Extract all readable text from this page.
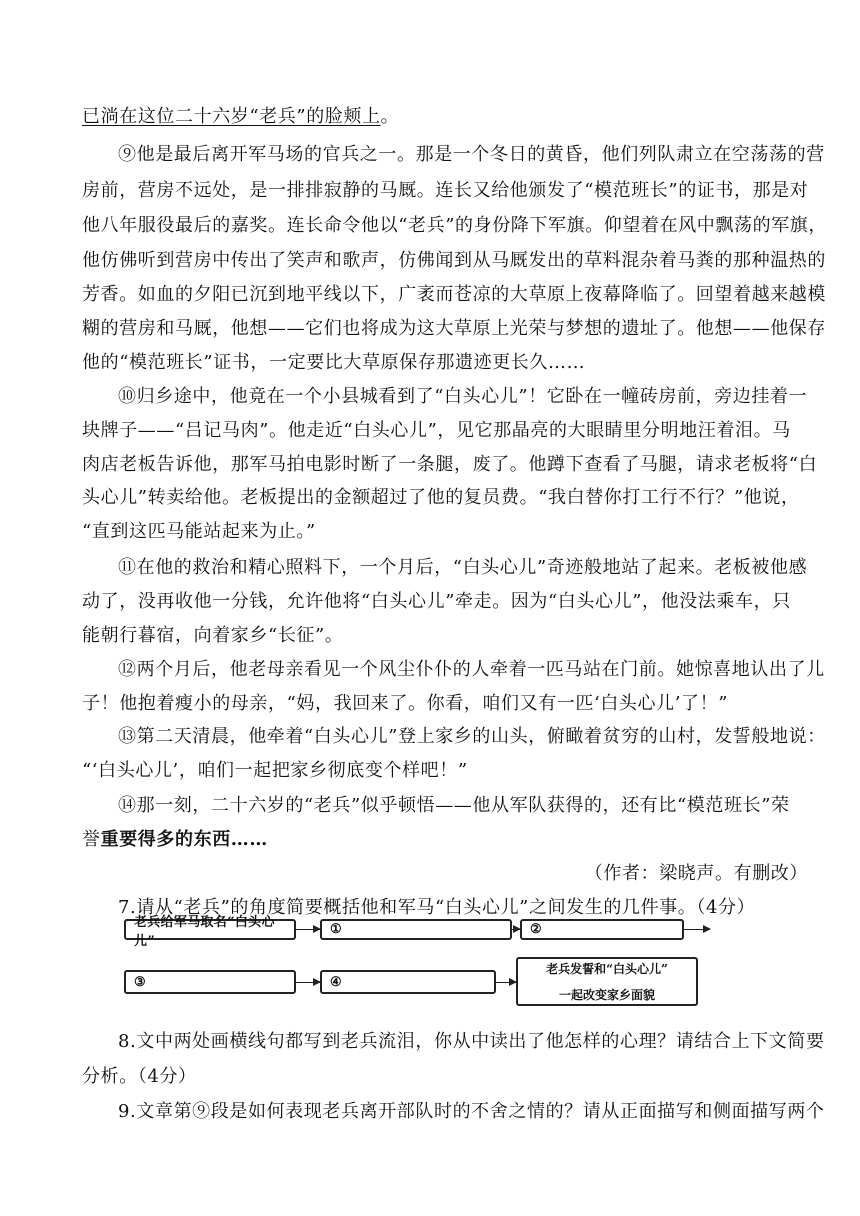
已淌在这位二十六岁“老兵”的脸颊上。
⑨他是最后离开军马场的官兵之一。那是一个冬日的黄昏，他们列队肃立在空荡荡的营
房前，营房不远处，是一排排寂静的马厩。连长又给他颁发了“模范班长”的证书，那是对
他八年服役最后的嘉奖。连长命令他以“老兵”的身份降下军旗。仰望着在风中飘荡的军旗，
他仿佛听到营房中传出了笑声和歌声，仿佛闻到从马厩发出的草料混杂着马粪的那种温热的
芳香。如血的夕阳已沉到地平线以下，广袤而苍凉的大草原上夜幕降临了。回望着越来越模
糊的营房和马厩，他想——它们也将成为这大草原上光荣与梦想的遗址了。他想——他保存
他的“模范班长”证书，一定要比大草原保存那遗迹更长久……
⑩归乡途中，他竟在一个小县城看到了“白头心儿”！它卧在一幢砖房前，旁边挂着一
块牌子——“吕记马肉”。他走近“白头心儿”，见它那晶亮的大眼睛里分明地汪着泪。马
肉店老板告诉他，那军马拍电影时断了一条腿，废了。他蹲下查看了马腿，请求老板将“白
头心儿”转卖给他。老板提出的金额超过了他的复员费。“我白替你打工行不行？”他说，
“直到这匹马能站起来为止。”
⑪在他的救治和精心照料下，一个月后，“白头心儿”奇迹般地站了起来。老板被他感
动了，没再收他一分钱，允许他将“白头心儿”牵走。因为“白头心儿”，他没法乘车，只
能朝行暮宿，向着家乡“长征”。
⑫两个月后，他老母亲看见一个风尘仆仆的人牵着一匹马站在门前。她惊喜地认出了儿
子！他抱着瘦小的母亲，“妈，我回来了。你看，咱们又有一匹‘白头心儿’了！”
⑬第二天清晨，他牵着“白头心儿”登上家乡的山头，俯瞰着贫穷的山村，发誓般地说：
“‘白头心儿’，咱们一起把家乡彻底变个样吧！”
⑭那一刻，二十六岁的“老兵”似乎顿悟——他从军队获得的，还有比“模范班长”荣
誉重要得多的东西……
（作者：梁晓声。有删改）
7.请从“老兵”的角度简要概括他和军马“白头心儿”之间发生的几件事。（4分）
老兵给军马取名“白头心儿”
①	②
③	④
老兵发誓和“白头心儿”
一起改变家乡面貌
8.文中两处画横线句都写到老兵流泪，你从中读出了他怎样的心理？请结合上下文简要
分析。（4分）
9.文章第⑨段是如何表现老兵离开部队时的不舍之情的？请从正面描写和侧面描写两个
